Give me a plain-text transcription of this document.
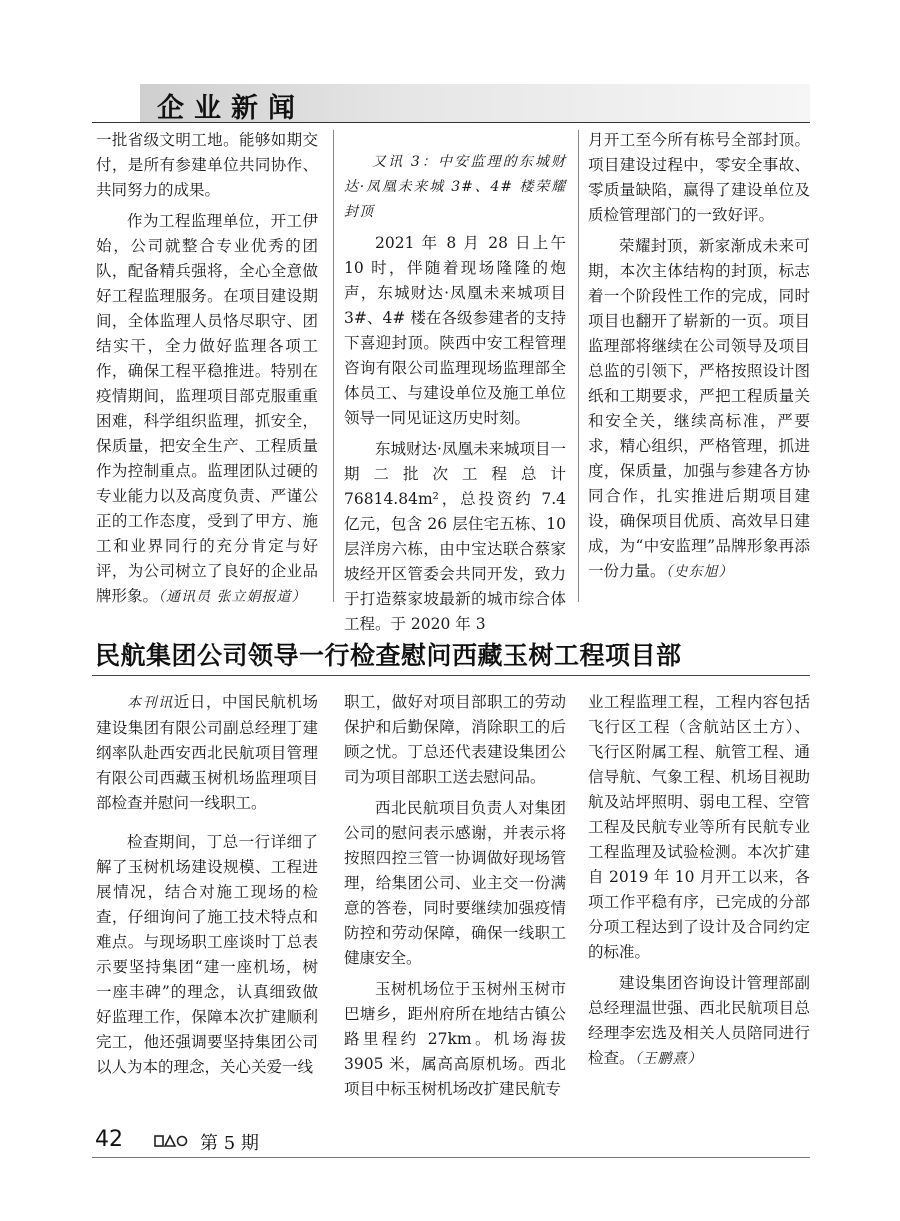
企业新闻

一批省级文明工地。能够如期交付，是所有参建单位共同协作、共同努力的成果。

作为工程监理单位，开工伊始，公司就整合专业优秀的团队，配备精兵强将，全心全意做好工程监理服务。在项目建设期间，全体监理人员恪尽职守、团结实干，全力做好监理各项工作，确保工程平稳推进。特别在疫情期间，监理项目部克服重重困难，科学组织监理，抓安全，保质量，把安全生产、工程质量作为控制重点。监理团队过硬的专业能力以及高度负责、严谨公正的工作态度，受到了甲方、施工和业界同行的充分肯定与好评，为公司树立了良好的企业品牌形象。（通讯员 张立娟报道）

又讯 3：中安监理的东城财达·凤凰未来城 3#、4# 楼荣耀封顶

2021 年 8 月 28 日上午 10 时，伴随着现场隆隆的炮声，东城财达·凤凰未来城项目 3#、4# 楼在各级参建者的支持下喜迎封顶。陕西中安工程管理咨询有限公司监理现场监理部全体员工、与建设单位及施工单位领导一同见证这历史时刻。

东城财达·凤凰未来城项目一期二批次工程总计 76814.84m²，总投资约 7.4 亿元，包含 26 层住宅五栋、10 层洋房六栋，由中宝达联合蔡家坡经开区管委会共同开发，致力于打造蔡家坡最新的城市综合体工程。于 2020 年 3

月开工至今所有栋号全部封顶。项目建设过程中，零安全事故、零质量缺陷，赢得了建设单位及质检管理部门的一致好评。

荣耀封顶，新家渐成未来可期，本次主体结构的封顶，标志着一个阶段性工作的完成，同时项目也翻开了崭新的一页。项目监理部将继续在公司领导及项目总监的引领下，严格按照设计图纸和工期要求，严把工程质量关和安全关，继续高标准，严要求，精心组织，严格管理，抓进度，保质量，加强与参建各方协同合作，扎实推进后期项目建设，确保项目优质、高效早日建成，为“中安监理”品牌形象再添一份力量。（史东旭）

民航集团公司领导一行检查慰问西藏玉树工程项目部

本刊讯近日，中国民航机场建设集团有限公司副总经理丁建纲率队赴西安西北民航项目管理有限公司西藏玉树机场监理项目部检查并慰问一线职工。

检查期间，丁总一行详细了解了玉树机场建设规模、工程进展情况，结合对施工现场的检查，仔细询问了施工技术特点和难点。与现场职工座谈时丁总表示要坚持集团“建一座机场，树一座丰碑”的理念，认真细致做好监理工作，保障本次扩建顺利完工，他还强调要坚持集团公司以人为本的理念，关心关爱一线

职工，做好对项目部职工的劳动保护和后勤保障，消除职工的后顾之忧。丁总还代表建设集团公司为项目部职工送去慰问品。

西北民航项目负责人对集团公司的慰问表示感谢，并表示将按照四控三管一协调做好现场管理，给集团公司、业主交一份满意的答卷，同时要继续加强疫情防控和劳动保障，确保一线职工健康安全。

玉树机场位于玉树州玉树市巴塘乡，距州府所在地结古镇公路里程约 27km。机场海拔 3905 米，属高高原机场。西北项目中标玉树机场改扩建民航专

业工程监理工程，工程内容包括飞行区工程（含航站区土方）、飞行区附属工程、航管工程、通信导航、气象工程、机场目视助航及站坪照明、弱电工程、空管工程及民航专业等所有民航专业工程监理及试验检测。本次扩建自 2019 年 10 月开工以来，各项工作平稳有序，已完成的分部分项工程达到了设计及合同约定的标准。

建设集团咨询设计管理部副总经理温世强、西北民航项目总经理李宏选及相关人员陪同进行检查。（王鹏熹）

42	第 5 期
